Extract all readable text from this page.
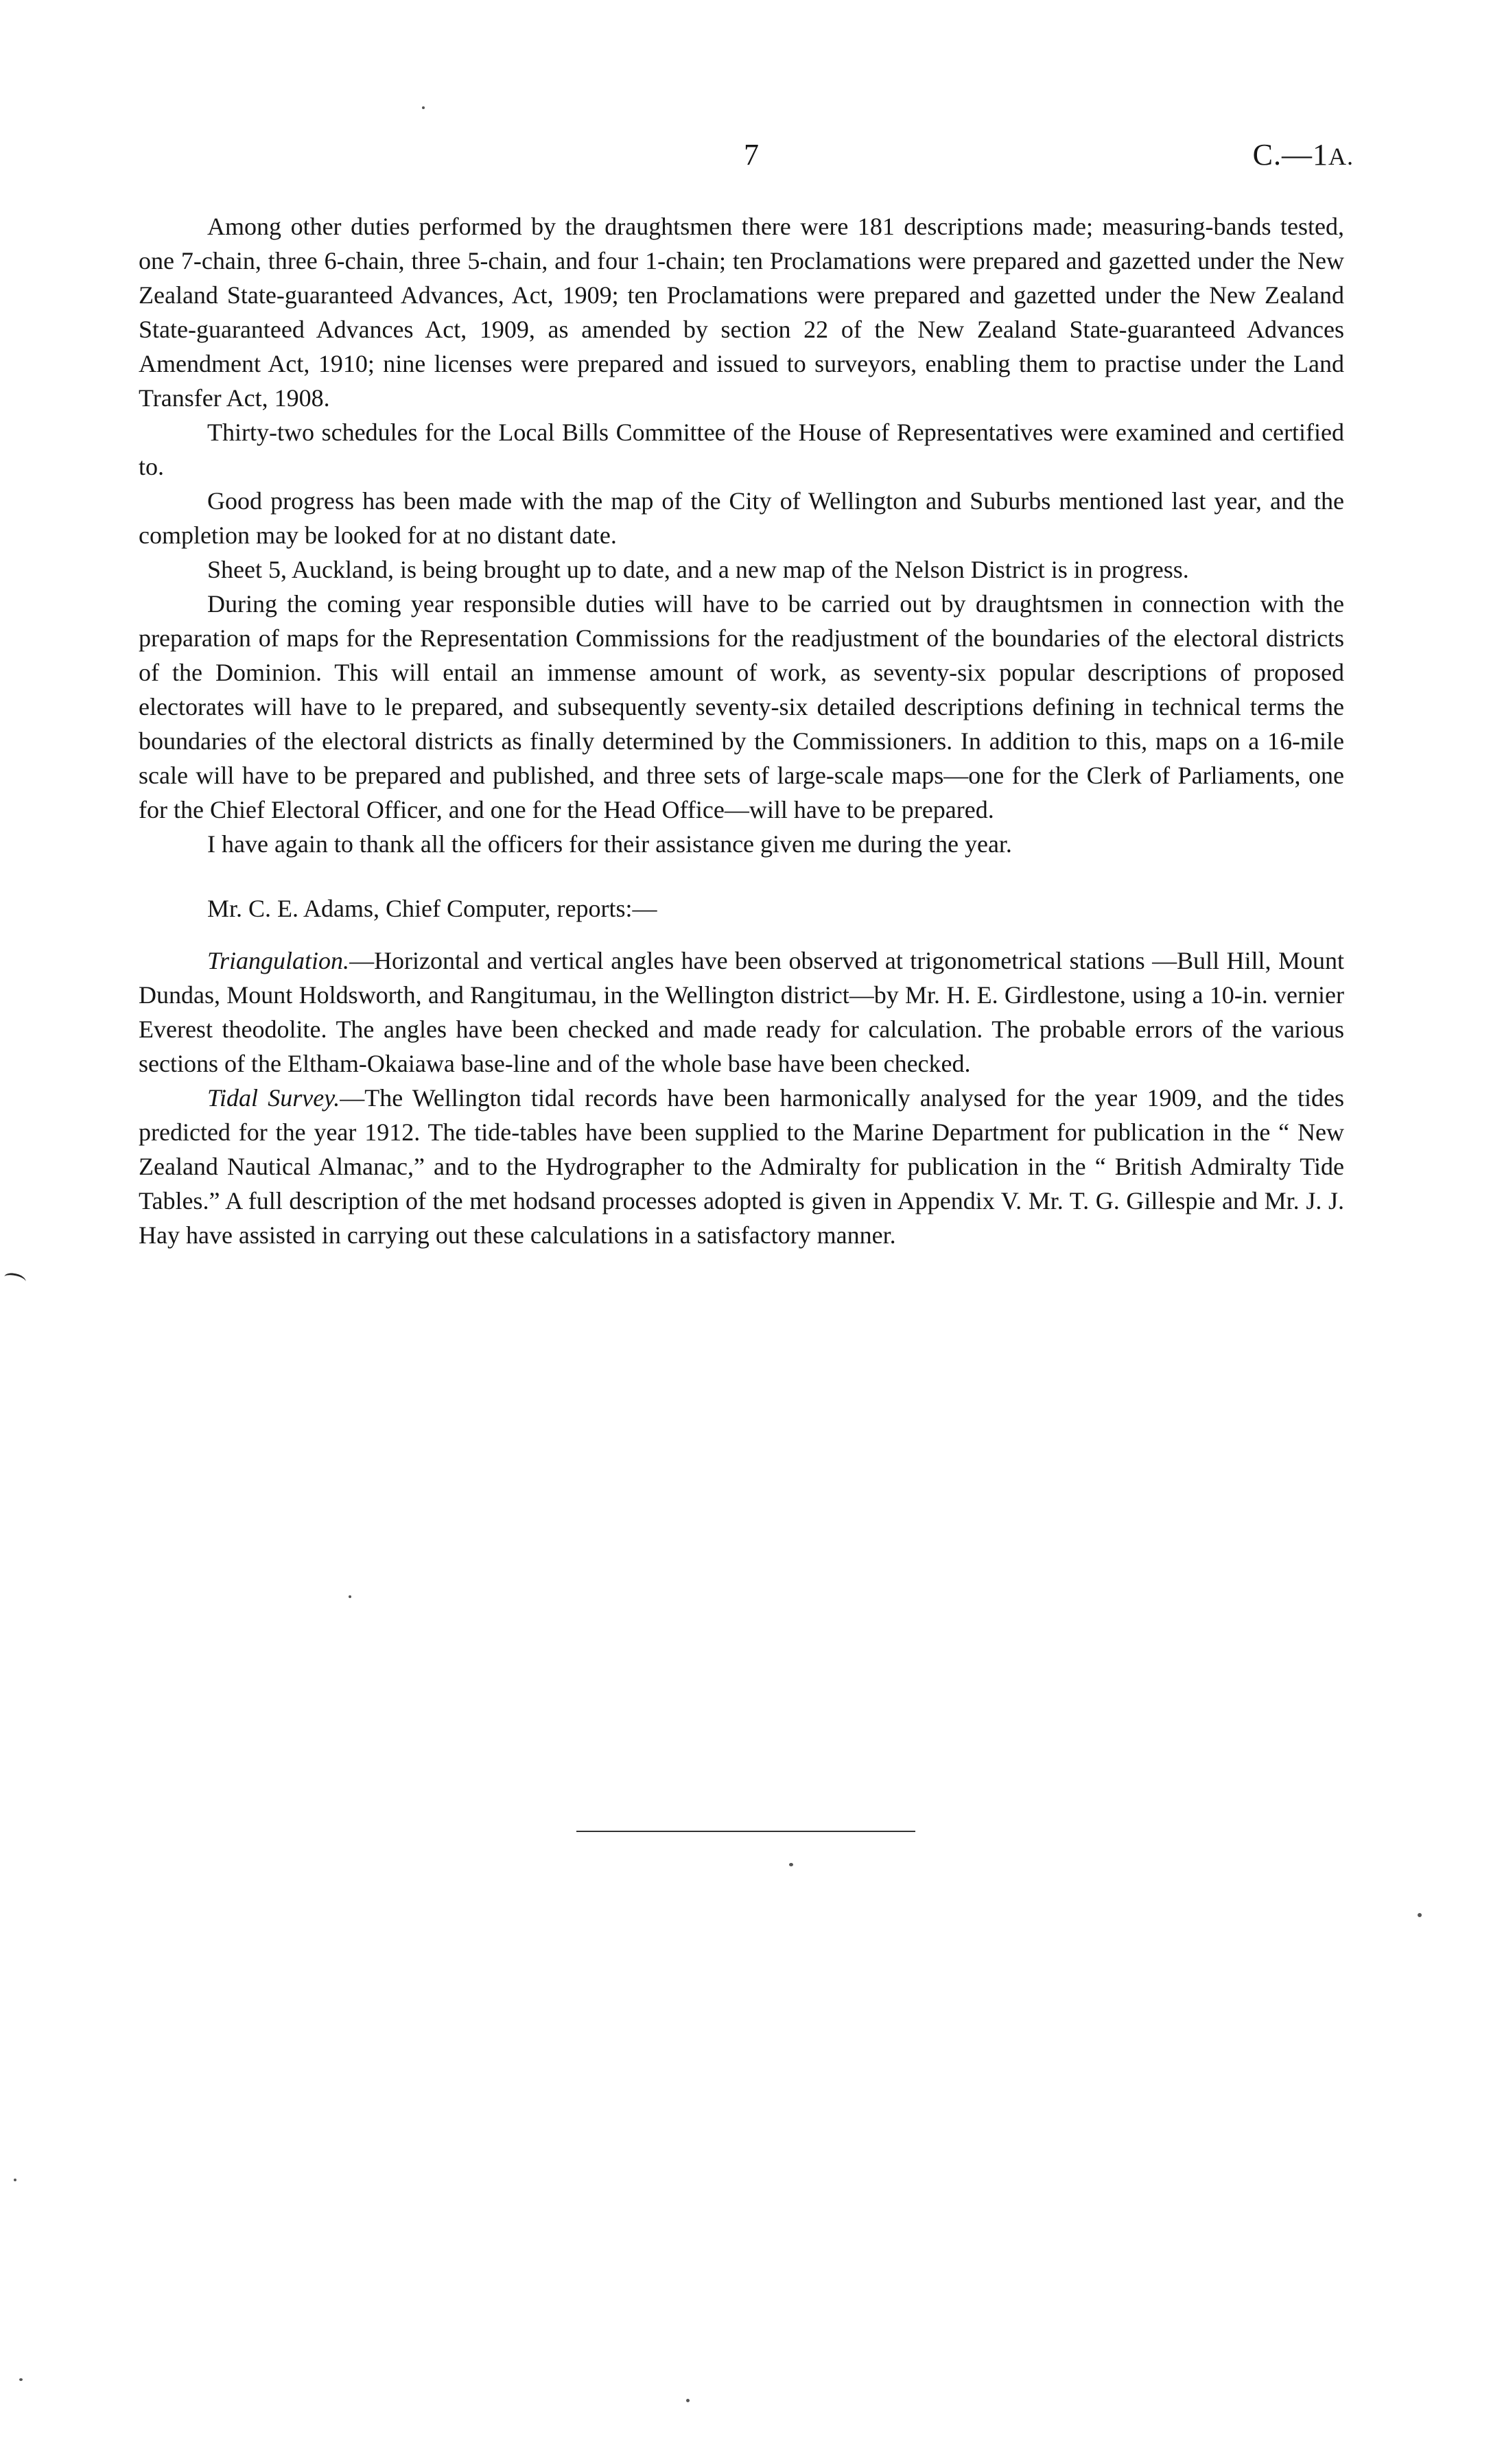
7	C.—1A.

Among other duties performed by the draughtsmen there were 181 descriptions made; measuring-bands tested, one 7-chain, three 6-chain, three 5-chain, and four 1-chain; ten Proclamations were prepared and gazetted under the New Zealand State-guaranteed Advances, Act, 1909; ten Proclamations were prepared and gazetted under the New Zealand State-guaranteed Advances Act, 1909, as amended by section 22 of the New Zealand State-guaranteed Advances Amendment Act, 1910; nine licenses were prepared and issued to surveyors, enabling them to practise under the Land Transfer Act, 1908.

Thirty-two schedules for the Local Bills Committee of the House of Representatives were examined and certified to.

Good progress has been made with the map of the City of Wellington and Suburbs mentioned last year, and the completion may be looked for at no distant date.

Sheet 5, Auckland, is being brought up to date, and a new map of the Nelson District is in progress.

During the coming year responsible duties will have to be carried out by draughtsmen in connection with the preparation of maps for the Representation Commissions for the readjustment of the boundaries of the electoral districts of the Dominion. This will entail an immense amount of work, as seventy-six popular descriptions of proposed electorates will have to le prepared, and subsequently seventy-six detailed descriptions defining in technical terms the boundaries of the electoral districts as finally determined by the Commissioners. In addition to this, maps on a 16-mile scale will have to be prepared and published, and three sets of large-scale maps—one for the Clerk of Parliaments, one for the Chief Electoral Officer, and one for the Head Office—will have to be prepared.

I have again to thank all the officers for their assistance given me during the year.

Mr. C. E. Adams, Chief Computer, reports:—

Triangulation.—Horizontal and vertical angles have been observed at trigonometrical stations —Bull Hill, Mount Dundas, Mount Holdsworth, and Rangitumau, in the Wellington district—by Mr. H. E. Girdlestone, using a 10-in. vernier Everest theodolite. The angles have been checked and made ready for calculation. The probable errors of the various sections of the Eltham-Okaiawa base-line and of the whole base have been checked.

Tidal Survey.—The Wellington tidal records have been harmonically analysed for the year 1909, and the tides predicted for the year 1912. The tide-tables have been supplied to the Marine Department for publication in the “ New Zealand Nautical Almanac,” and to the Hydrographer to the Admiralty for publication in the “ British Admiralty Tide Tables.” A full description of the met hodsand processes adopted is given in Appendix V. Mr. T. G. Gillespie and Mr. J. J. Hay have assisted in carrying out these calculations in a satisfactory manner.
